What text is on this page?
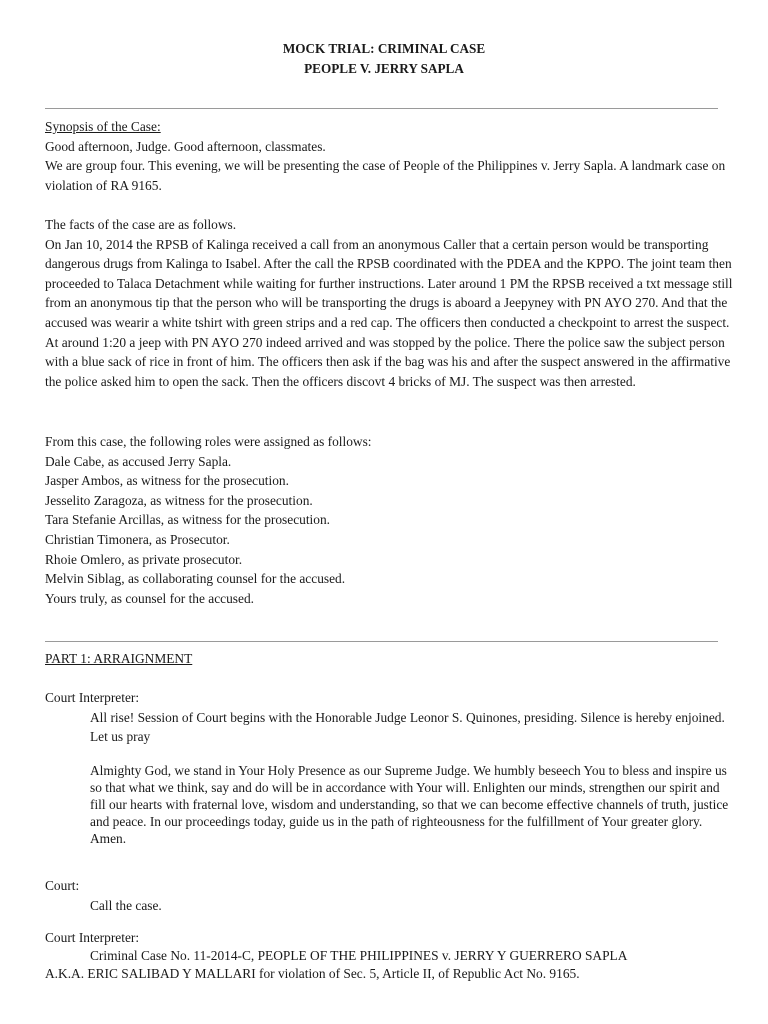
MOCK TRIAL: CRIMINAL CASE
PEOPLE V. JERRY SAPLA

Synopsis of the Case:

Good afternoon, Judge. Good afternoon, classmates.

We are group four. This evening, we will be presenting the case of People of the Philippines v. Jerry Sapla. A landmark case on violation of RA 9165.

The facts of the case are as follows.

On Jan 10, 2014 the RPSB of Kalinga received a call from an anonymous Caller that a certain person would be transporting dangerous drugs from Kalinga to Isabel. After the call the RPSB coordinated with the PDEA and the KPPO. The joint team then proceeded to Talaca Detachment while waiting for further instructions. Later around 1 PM the RPSB received a txt message still from an anonymous tip that the person who will be transporting the drugs is aboard a Jeepyney with PN AYO 270. And that the accused was wearir a white tshirt with green strips and a red cap. The officers then conducted a checkpoint to arrest the suspect. At around 1:20 a jeep with PN AYO 270 indeed arrived and was stopped by the police. There the police saw the subject person with a blue sack of rice in front of him. The officers then ask if the bag was his and after the suspect answered in the affirmative the police asked him to open the sack. Then the officers discovt 4 bricks of MJ. The suspect was then arrested.

From this case, the following roles were assigned as follows:

Dale Cabe, as accused Jerry Sapla.

Jasper Ambos, as witness for the prosecution.

Jesselito Zaragoza, as witness for the prosecution.

Tara Stefanie Arcillas, as witness for the prosecution.

Christian Timonera, as Prosecutor.

Rhoie Omlero, as private prosecutor.

Melvin Siblag, as collaborating counsel for the accused.

Yours truly, as counsel for the accused.

PART 1: ARRAIGNMENT

Court Interpreter:

All rise! Session of Court begins with the Honorable Judge Leonor S. Quinones, presiding. Silence is hereby enjoined. Let us pray

Almighty God, we stand in Your Holy Presence as our Supreme Judge. We humbly beseech You to bless and inspire us so that what we think, say and do will be in accordance with Your will. Enlighten our minds, strengthen our spirit and fill our hearts with fraternal love, wisdom and understanding, so that we can become effective channels of truth, justice and peace. In our proceedings today, guide us in the path of righteousness for the fulfillment of Your greater glory. Amen.

Court:

Call the case.

Court Interpreter:

Criminal Case No. 11-2014-C, PEOPLE OF THE PHILIPPINES v. JERRY Y GUERRERO SAPLA

A.K.A. ERIC SALIBAD Y MALLARI for violation of Sec. 5, Article II, of Republic Act No. 9165.
